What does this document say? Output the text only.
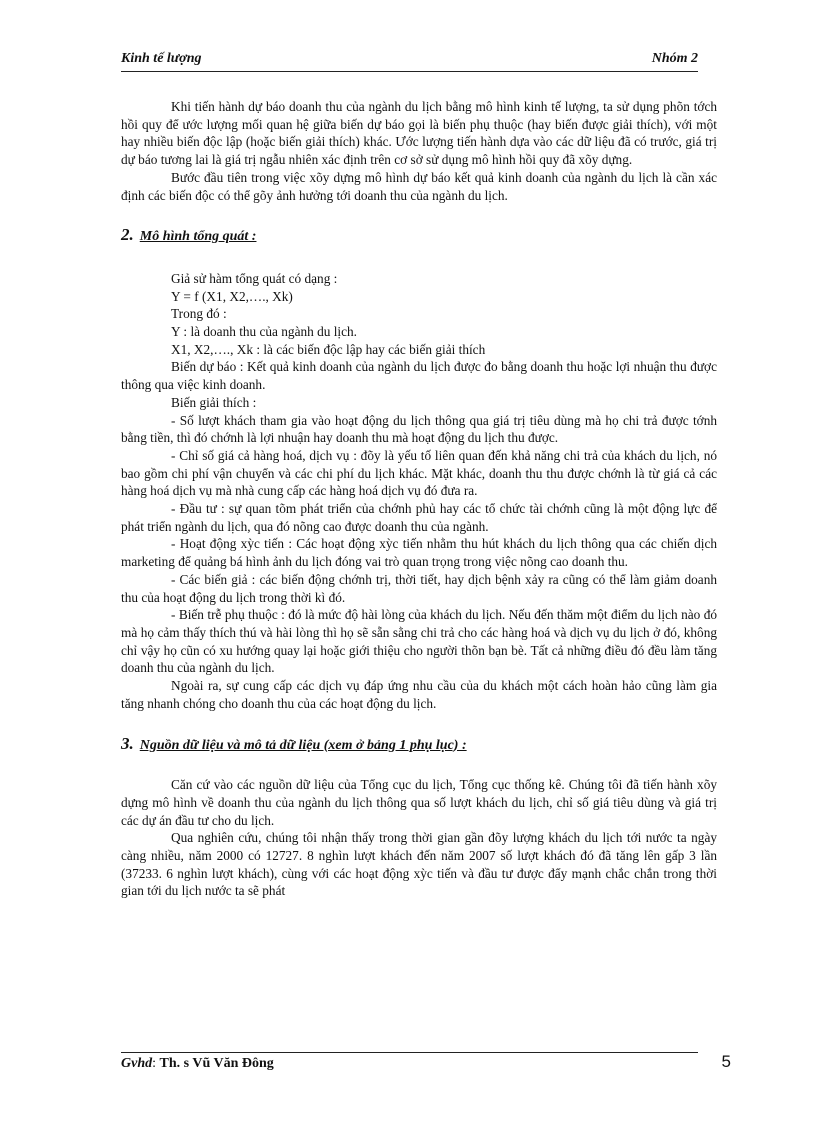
Kinh tế lượng	Nhóm 2

Khi tiến hành dự báo doanh thu của ngành du lịch bằng mô hình kinh tế lượng, ta sử dụng phõn tớch hồi quy để ước lượng mối quan hệ giữa biến dự báo gọi là biến phụ thuộc (hay biến được giải thích), với một hay nhiều biến độc lập (hoặc biến giải thích) khác. Ước lượng tiến hành dựa vào các dữ liệu đã có trước, giá trị dự báo tương lai là giá trị ngẫu nhiên xác định trên cơ sở sử dụng mô hình hồi quy đã xõy dựng.

Bước đầu tiên trong việc xõy dựng mô hình dự báo kết quả kinh doanh của ngành du lịch là cần xác định các biến độc có thể gõy ảnh hưởng tới doanh thu của ngành du lịch.

2. Mô hình tổng quát :

Giả sử hàm tổng quát có dạng :

Y = f (X1, X2,…., Xk)

Trong đó :

Y : là doanh thu của ngành du lịch.

X1, X2,…., Xk : là các biến độc lập hay các biến giải thích

Biến dự báo : Kết quả kinh doanh của ngành du lịch được đo bằng doanh thu hoặc lợi nhuận thu được thông qua việc kinh doanh.

Biến giải thích :

- Số lượt khách tham gia vào hoạt động du lịch thông qua giá trị tiêu dùng mà họ chi trả được tớnh bằng tiền, thì đó chớnh là lợi nhuận hay doanh thu mà hoạt động du lịch thu được.

- Chỉ số giá cả hàng hoá, dịch vụ : đõy là yếu tố liên quan đến khả năng chi trả của khách du lịch, nó bao gồm chi phí vận chuyển và các chi phí du lịch khác. Mặt khác, doanh thu thu được chớnh là từ giá cả các hàng hoá dịch vụ mà nhà cung cấp các hàng hoá dịch vụ đó đưa ra.

- Đầu tư : sự quan tõm phát triển của chớnh phủ hay các tổ chức tài chớnh cũng là một động lực để phát triển ngành du lịch, qua đó nõng cao được doanh thu của ngành.

- Hoạt động xỳc tiến : Các hoạt động xỳc tiến nhằm thu hút khách du lịch thông qua các chiến dịch marketing để quảng bá hình ảnh du lịch đóng vai trò quan trọng trong việc nõng cao doanh thu.

- Các biến giả : các biến động chớnh trị, thời tiết, hay dịch bệnh xảy ra cũng có thể làm giảm doanh thu của hoạt động du lịch trong thời kì đó.

- Biến trễ phụ thuộc : đó là mức độ hài lòng của khách du lịch. Nếu đến thăm một điểm du lịch nào đó mà họ cảm thấy thích thú và hài lòng thì họ sẽ sẵn sằng chi trả cho các hàng hoá và dịch vụ du lịch ở đó, không chỉ vậy họ cũn có xu hướng quay lại hoặc giới thiệu cho người thõn bạn bè. Tất cả những điều đó đều làm tăng doanh thu của ngành du lịch.

Ngoài ra, sự cung cấp các dịch vụ đáp ứng nhu cầu của du khách một cách hoàn hảo cũng làm gia tăng nhanh chóng cho doanh thu của các hoạt động du lịch.

3. Nguồn dữ liệu và mô tả dữ liệu (xem ở bảng 1 phụ lục) :

Căn cứ vào các nguồn dữ liệu của Tổng cục du lịch, Tổng cục thống kê. Chúng tôi đã tiến hành xõy dựng mô hình về doanh thu của ngành du lịch thông qua số lượt khách du lịch, chỉ số giá tiêu dùng và giá trị các dự án đầu tư cho du lịch.

Qua nghiên cứu, chúng tôi nhận thấy trong thời gian gần đõy lượng khách du lịch tới nước ta ngày càng nhiều, năm 2000 có 12727. 8 nghìn lượt khách đến năm 2007 số lượt khách đó đã tăng lên gấp 3 lần (37233. 6 nghìn lượt khách), cùng với các hoạt động xỳc tiến và đầu tư được đẩy mạnh chắc chắn trong thời gian tới du lịch nước ta sẽ phát

Gvhd: Th. s Vũ Văn Đông	5
